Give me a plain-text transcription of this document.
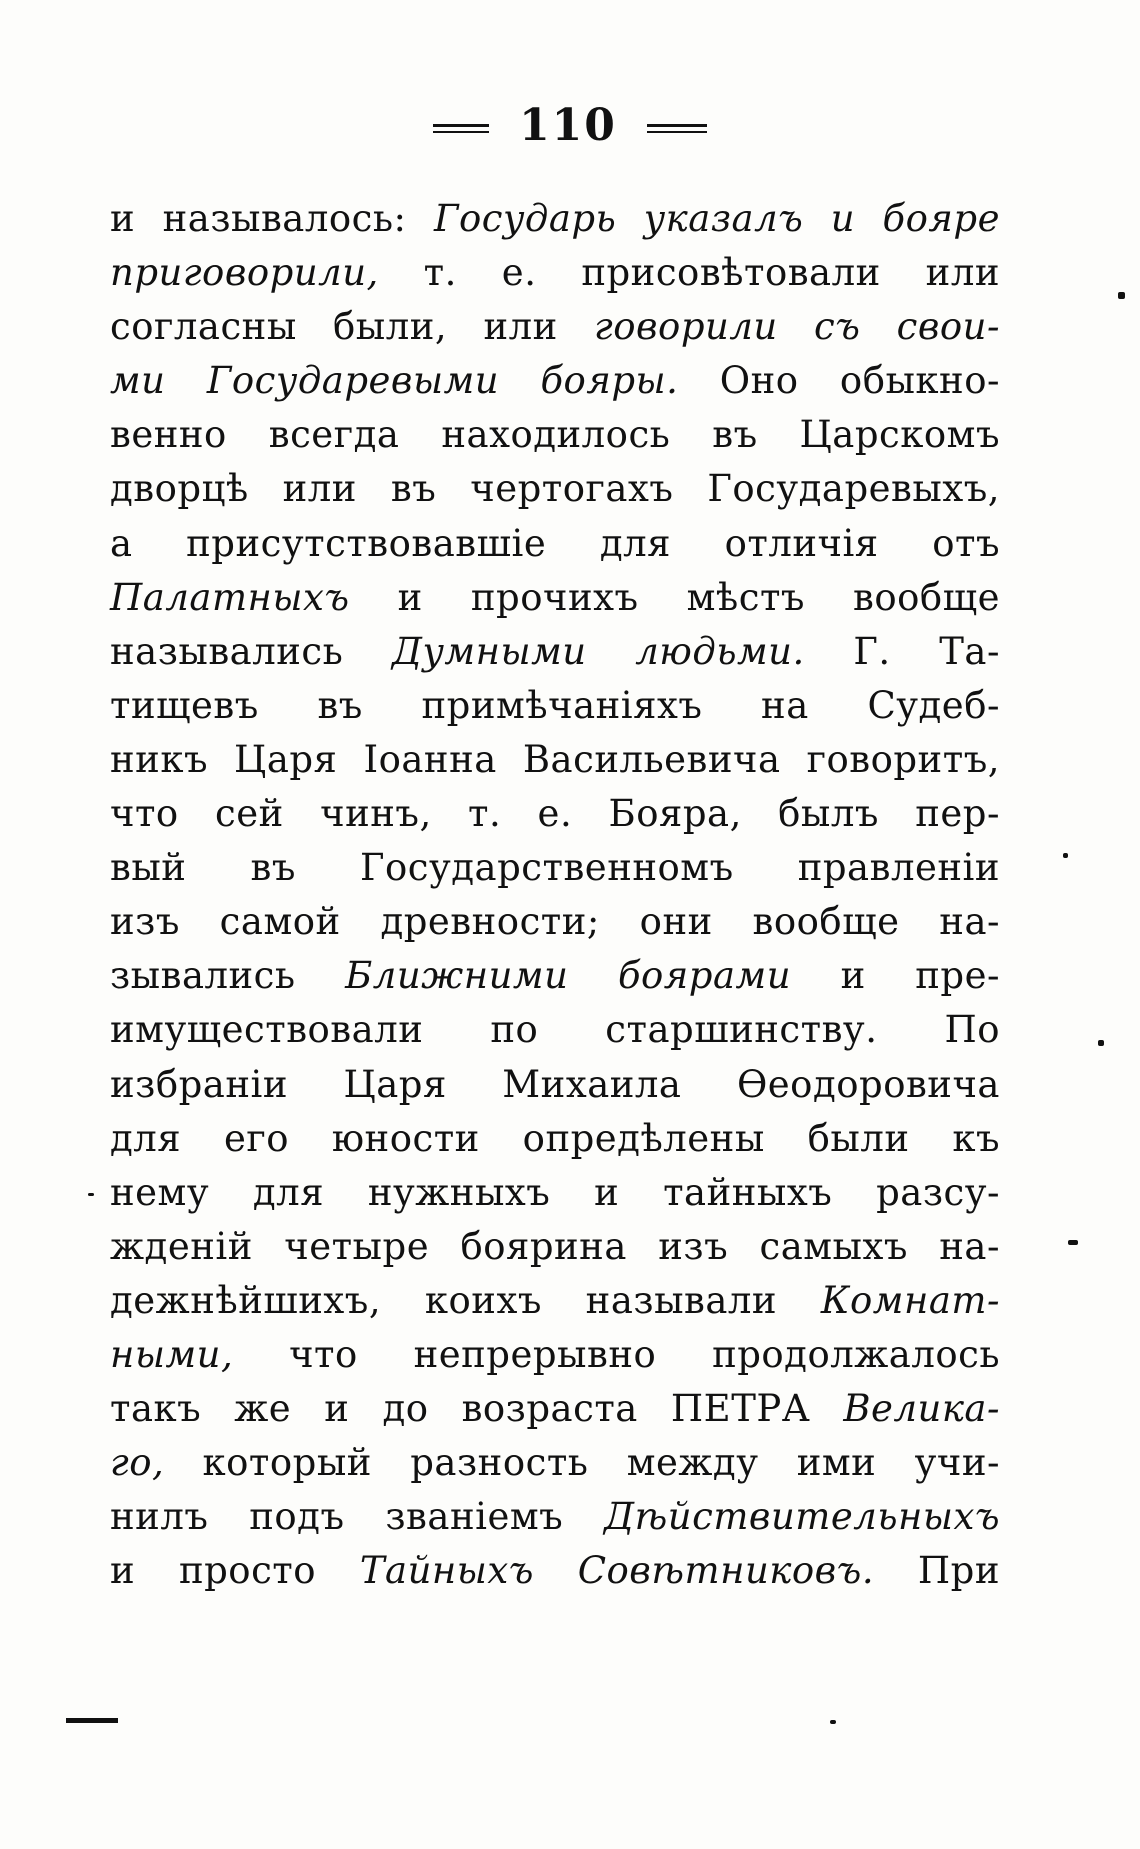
110
и называлось: Государь указалъ и бояре
приговорили, т. е. присовѣтовали или
согласны были, или говорили съ свои-
ми Государевыми бояры. Оно обыкно-
венно всегда находилось въ Царскомъ
дворцѣ или въ чертогахъ Государевыхъ,
а присутствовавшіе для отличія отъ
Палатныхъ и прочихъ мѣстъ вообще
назывались Думными людьми. Г. Та-
тищевъ въ примѣчаніяхъ на Судеб-
никъ Царя Іоанна Васильевича говоритъ,
что сей чинъ, т. е. Бояра, былъ пер-
вый въ Государственномъ правленіи
изъ самой древности; они вообще на-
зывались Ближними боярами и пре-
имуществовали по старшинству. По
избраніи Царя Михаила Ѳеодоровича
для его юности опредѣлены были къ
нему для нужныхъ и тайныхъ разсу-
жденій четыре боярина изъ самыхъ на-
дежнѣйшихъ, коихъ называли Комнат-
ными, что непрерывно продолжалось
такъ же и до возраста ПЕТРА Велика-
го, который разность между ими учи-
нилъ подъ званіемъ Дѣйствительныхъ
и просто Тайныхъ Совѣтниковъ. При
